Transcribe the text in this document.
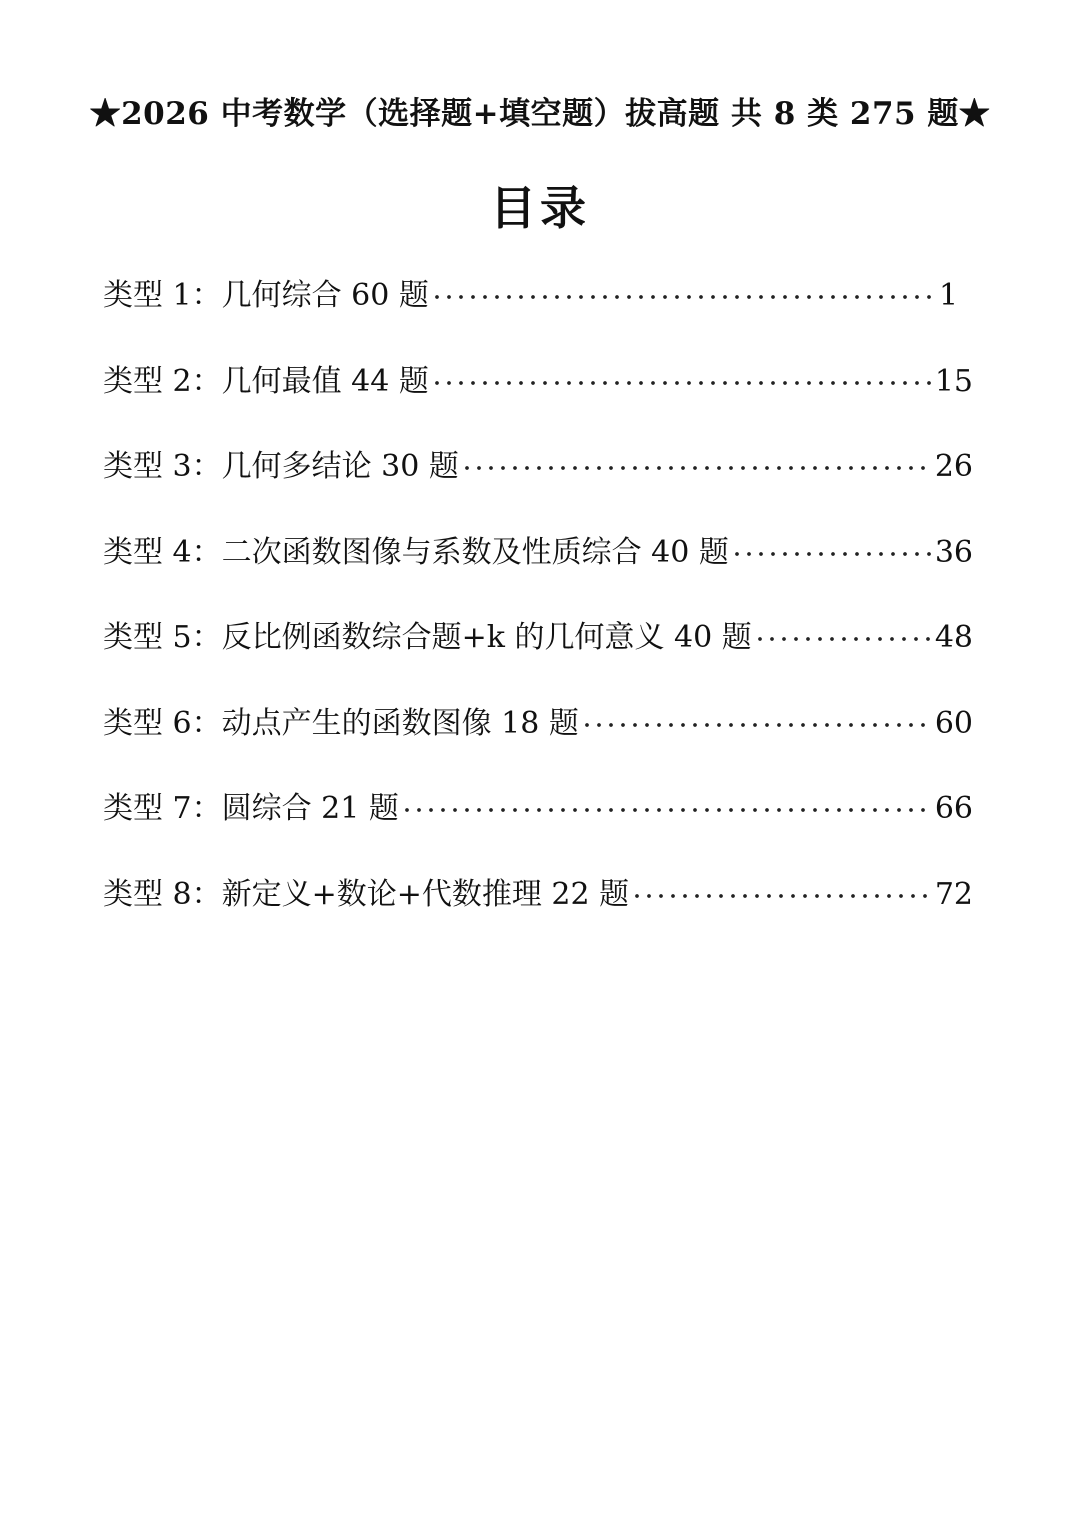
★2026 中考数学（选择题+填空题）拔高题 共 8 类 275 题★
目录
类型 1：几何综合 60 题	1
类型 2：几何最值 44 题	15
类型 3：几何多结论 30 题	26
类型 4：二次函数图像与系数及性质综合 40 题	36
类型 5：反比例函数综合题+k 的几何意义 40 题	48
类型 6：动点产生的函数图像 18 题	60
类型 7：圆综合 21 题	66
类型 8：新定义+数论+代数推理 22 题	72
